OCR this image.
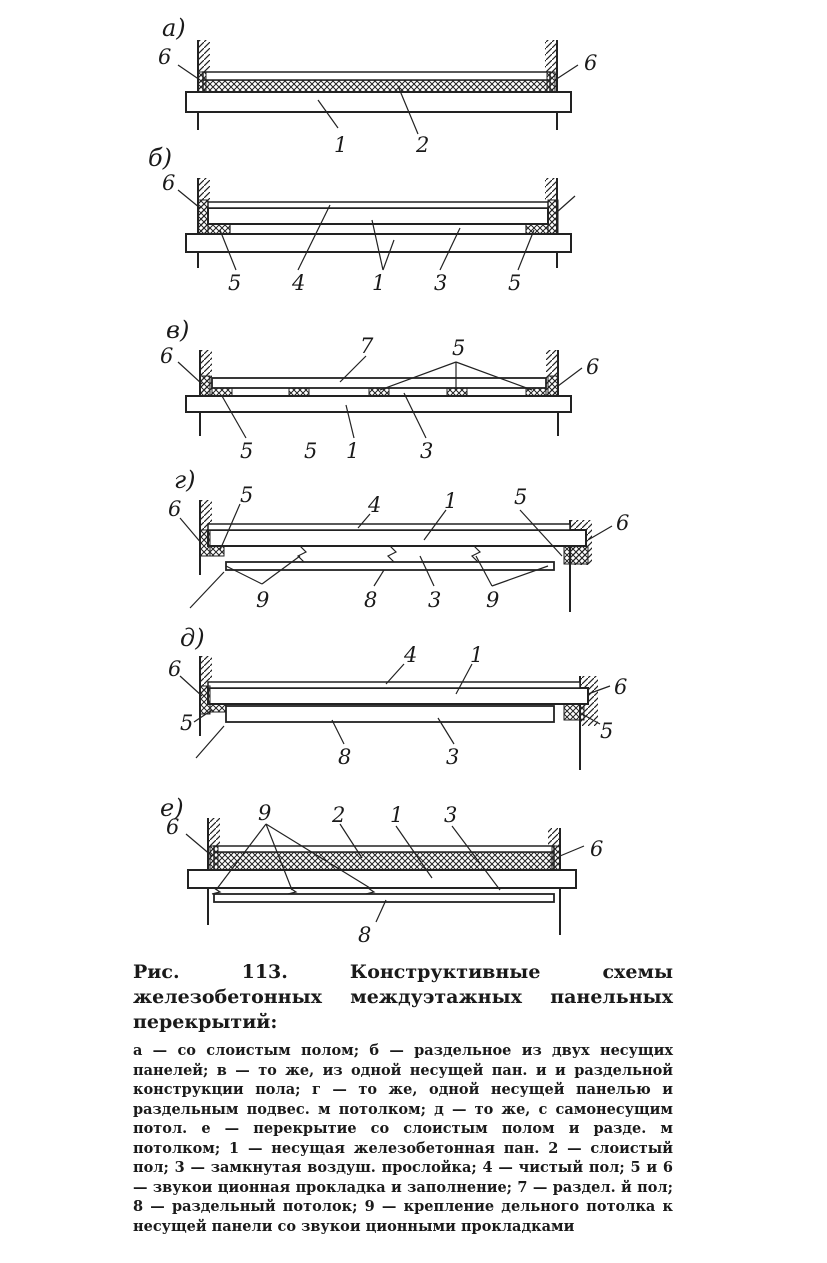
а)
6	6
1	2
б)
6
5 4	1 3	5
в)
6	6
7	5
5 5 1	3
г)
6
5	4	1	5
6
9	8 3 9
д)
6
4	1
6
5	5
8	3
е)	9	2 1 3
6
6
8

Рис. 113. Конструктивные схемы железобетонных междуэтажных панельных перекрытий:

а — со слоистым полом; б — раздельное из двух несущих панелей; в — то же, из одной несущей пан. и и раздельной конструкции пола; г — то же, одной несущей панелью и раздельным подвес. м потолком; д — то же, с самонесущим потол. е — перекрытие со слоистым полом и разде. м потолком; 1 — несущая железобетонная пан. 2 — слоистый пол; 3 — замкнутая воздуш. прослойка; 4 — чистый пол; 5 и 6 — звукои ционная прокладка и заполнение; 7 — раздел. й пол; 8 — раздельный потолок; 9 — крепление дельного потолка к несущей панели со звукои ционными прокладками
